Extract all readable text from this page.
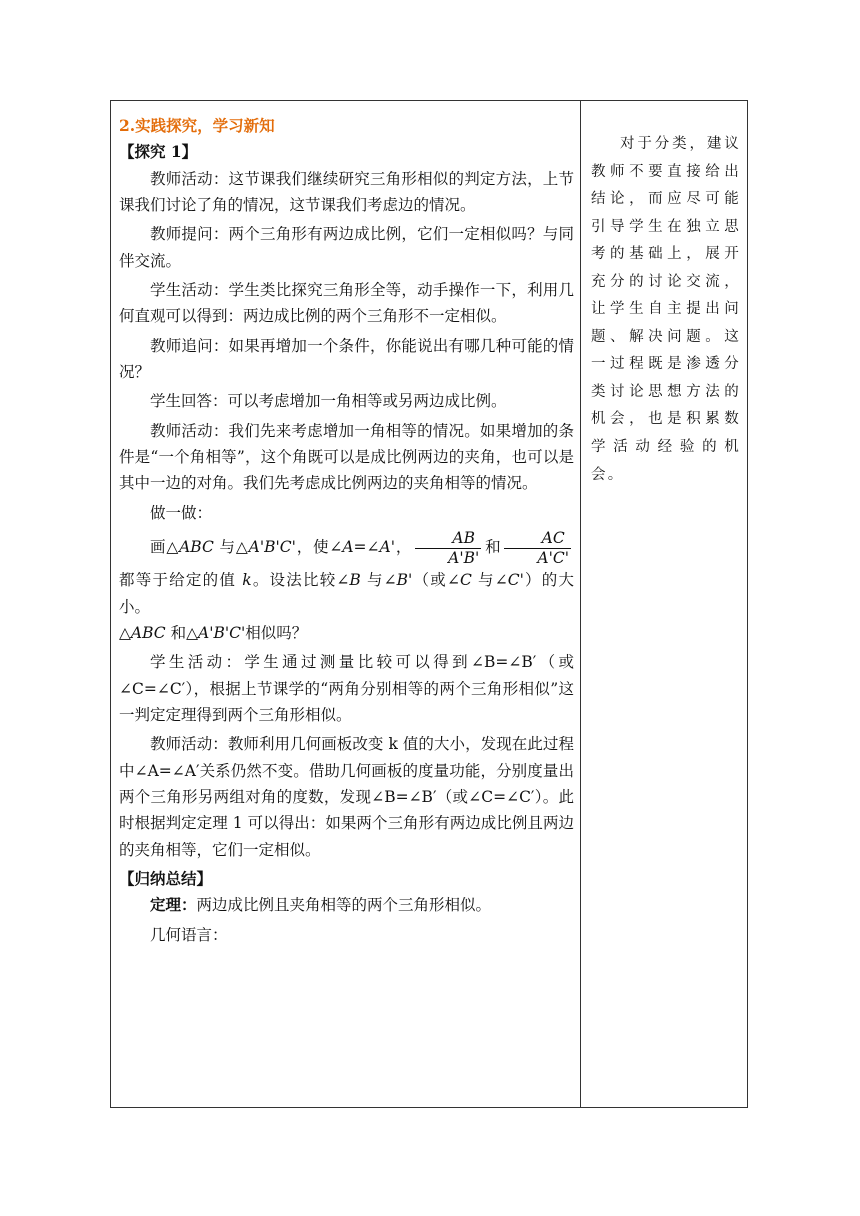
2.实践探究，学习新知
【探究 1】

教师活动：这节课我们继续研究三角形相似的判定方法，上节课我们讨论了角的情况，这节课我们考虑边的情况。

教师提问：两个三角形有两边成比例，它们一定相似吗？与同伴交流。

学生活动：学生类比探究三角形全等，动手操作一下，利用几何直观可以得到：两边成比例的两个三角形不一定相似。

教师追问：如果再增加一个条件，你能说出有哪几种可能的情况？

学生回答：可以考虑增加一角相等或另两边成比例。

教师活动：我们先来考虑增加一角相等的情况。如果增加的条件是“一个角相等”，这个角既可以是成比例两边的夹角，也可以是其中一边的对角。我们先考虑成比例两边的夹角相等的情况。

做一做：

画△ABC 与△A'B'C'，使∠A=∠A'， $\frac{AB}{A'B'}$ 和 $\frac{AC}{A'C'}$
都等于给定的值 k。设法比较∠B 与∠B'（或∠C 与∠C'）的大小。

△ABC 和△A'B'C'相似吗？

学生活动：学生通过测量比较可以得到∠B=∠B′（或∠C=∠C′），根据上节课学的“两角分别相等的两个三角形相似”这一判定定理得到两个三角形相似。

教师活动：教师利用几何画板改变 k 值的大小，发现在此过程中∠A=∠A′关系仍然不变。借助几何画板的度量功能，分别度量出两个三角形另两组对角的度数，发现∠B=∠B′（或∠C=∠C′）。此时根据判定定理 1 可以得出：如果两个三角形有两边成比例且两边的夹角相等，它们一定相似。

【归纳总结】

定理：两边成比例且夹角相等的两个三角形相似。

几何语言：

对于分类，建议教师不要直接给出结论，而应尽可能引导学生在独立思考的基础上，展开充分的讨论交流，让学生自主提出问题、解决问题。这一过程既是渗透分类讨论思想方法的机会，也是积累数学活动经验的机会。
